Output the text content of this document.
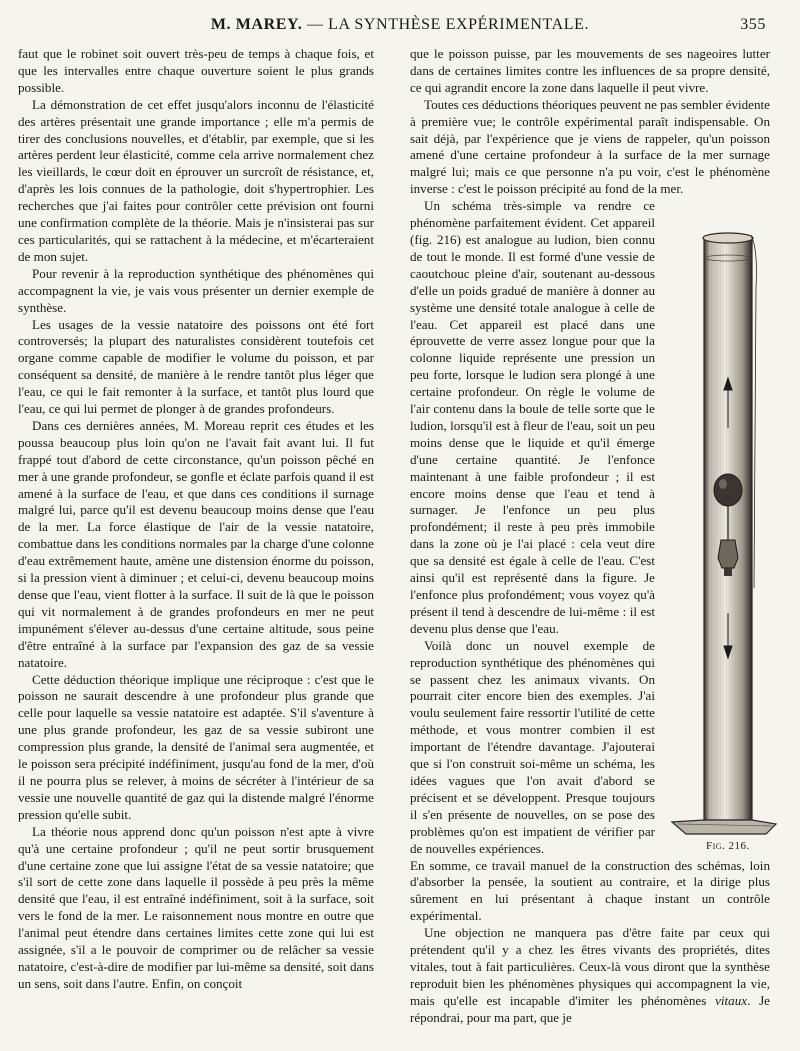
M. MAREY. — LA SYNTHÈSE EXPÉRIMENTALE.	355

faut que le robinet soit ouvert très-peu de temps à chaque fois, et que les intervalles entre chaque ouverture soient le plus grands possible.

La démonstration de cet effet jusqu'alors inconnu de l'élasticité des artères présentait une grande importance ; elle m'a permis de tirer des conclusions nouvelles, et d'établir, par exemple, que si les artères perdent leur élasticité, comme cela arrive normalement chez les vieillards, le cœur doit en éprouver un surcroît de résistance, et, d'après les lois connues de la pathologie, doit s'hypertrophier. Les recherches que j'ai faites pour contrôler cette prévision ont fourni une confirmation complète de la théorie. Mais je n'insisterai pas sur ces particularités, qui se rattachent à la médecine, et m'écarteraient de mon sujet.

Pour revenir à la reproduction synthétique des phénomènes qui accompagnent la vie, je vais vous présenter un dernier exemple de synthèse.

Les usages de la vessie natatoire des poissons ont été fort controversés; la plupart des naturalistes considèrent toutefois cet organe comme capable de modifier le volume du poisson, et par conséquent sa densité, de manière à le rendre tantôt plus léger que l'eau, ce qui le fait remonter à la surface, et tantôt plus lourd que l'eau, ce qui lui permet de plonger à de grandes profondeurs.

Dans ces dernières années, M. Moreau reprit ces études et les poussa beaucoup plus loin qu'on ne l'avait fait avant lui. Il fut frappé tout d'abord de cette circonstance, qu'un poisson pêché en mer à une grande profondeur, se gonfle et éclate parfois quand il est amené à la surface de l'eau, et que dans ces conditions il surnage malgré lui, parce qu'il est devenu beaucoup moins dense que l'eau de la mer. La force élastique de l'air de la vessie natatoire, combattue dans les conditions normales par la charge d'une colonne d'eau extrêmement haute, amène une distension énorme du poisson, si la pression vient à diminuer ; et celui-ci, devenu beaucoup moins dense que l'eau, vient flotter à la surface. Il suit de là que le poisson qui vit normalement à de grandes profondeurs en mer ne peut impunément s'élever au-dessus d'une certaine altitude, sous peine d'être entraîné à la surface par l'expansion des gaz de sa vessie natatoire.

Cette déduction théorique implique une réciproque : c'est que le poisson ne saurait descendre à une profondeur plus grande que celle pour laquelle sa vessie natatoire est adaptée. S'il s'aventure à une plus grande profondeur, les gaz de sa vessie subiront une compression plus grande, la densité de l'animal sera augmentée, et le poisson sera précipité indéfiniment, jusqu'au fond de la mer, d'où il ne pourra plus se relever, à moins de sécréter à l'intérieur de sa vessie une nouvelle quantité de gaz qui la distende malgré l'énorme pression qu'elle subit.

La théorie nous apprend donc qu'un poisson n'est apte à vivre qu'à une certaine profondeur ; qu'il ne peut sortir brusquement d'une certaine zone que lui assigne l'état de sa vessie natatoire; que s'il sort de cette zone dans laquelle il possède à peu près la même densité que l'eau, il est entraîné indéfiniment, soit à la surface, soit vers le fond de la mer. Le raisonnement nous montre en outre que l'animal peut étendre dans certaines limites cette zone qui lui est assignée, s'il a le pouvoir de comprimer ou de relâcher sa vessie natatoire, c'est-à-dire de modifier par lui-même sa densité, soit dans un sens, soit dans l'autre. Enfin, on conçoit

que le poisson puisse, par les mouvements de ses nageoires lutter dans de certaines limites contre les influences de sa propre densité, ce qui agrandit encore la zone dans laquelle il peut vivre.

Toutes ces déductions théoriques peuvent ne pas sembler évidente à première vue; le contrôle expérimental paraît indispensable. On sait déjà, par l'expérience que je viens de rappeler, qu'un poisson amené d'une certaine profondeur à la surface de la mer surnage malgré lui; mais ce que personne n'a pu voir, c'est le phénomène inverse : c'est le poisson précipité au fond de la mer.

Un schéma très-simple va rendre ce phénomène parfaitement évident. Cet appareil (fig. 216) est analogue au ludion, bien connu de tout le monde. Il est formé d'une vessie de caoutchouc pleine d'air, soutenant au-dessous d'elle un poids gradué de manière à donner au système une densité totale analogue à celle de l'eau. Cet appareil est placé dans une éprouvette de verre assez longue pour que la colonne liquide représente une pression un peu forte, lorsque le ludion sera plongé à une certaine profondeur. On règle le volume de l'air contenu dans la boule de telle sorte que le ludion, lorsqu'il est à fleur de l'eau, soit un peu moins dense que le liquide et qu'il émerge d'une certaine quantité. Je l'enfonce maintenant à une faible profondeur ; il est encore moins dense que l'eau et tend à surnager. Je l'enfonce un peu plus profondément; il reste à peu près immobile dans la zone où je l'ai placé : cela veut dire que sa densité est égale à celle de l'eau. C'est ainsi qu'il est représenté dans la figure. Je l'enfonce plus profondément; vous voyez qu'à présent il tend à descendre de lui-même : il est devenu plus dense que l'eau.

Voilà donc un nouvel exemple de reproduction synthétique des phénomènes qui se passent chez les animaux vivants. On pourrait citer encore bien des exemples. J'ai voulu seulement faire ressortir l'utilité de cette méthode, et vous montrer combien il est important de l'étendre davantage. J'ajouterai que si l'on construit soi-même un schéma, les idées vagues que l'on avait d'abord se précisent et se développent. Presque toujours il s'en présente de nouvelles, on se pose des problèmes qu'on est impatient de vérifier par de nouvelles expériences.

En somme, ce travail manuel de la construction des schémas, loin d'absorber la pensée, la soutient au contraire, et la dirige plus sûrement en lui présentant à chaque instant un contrôle expérimental.

Une objection ne manquera pas d'être faite par ceux qui prétendent qu'il y a chez les êtres vivants des propriétés, dites vitales, tout à fait particulières. Ceux-là vous diront que la synthèse reproduit bien les phénomènes physiques qui accompagnent la vie, mais qu'elle est incapable d'imiter les phénomènes vitaux. Je répondrai, pour ma part, que je

Fig. 216.
